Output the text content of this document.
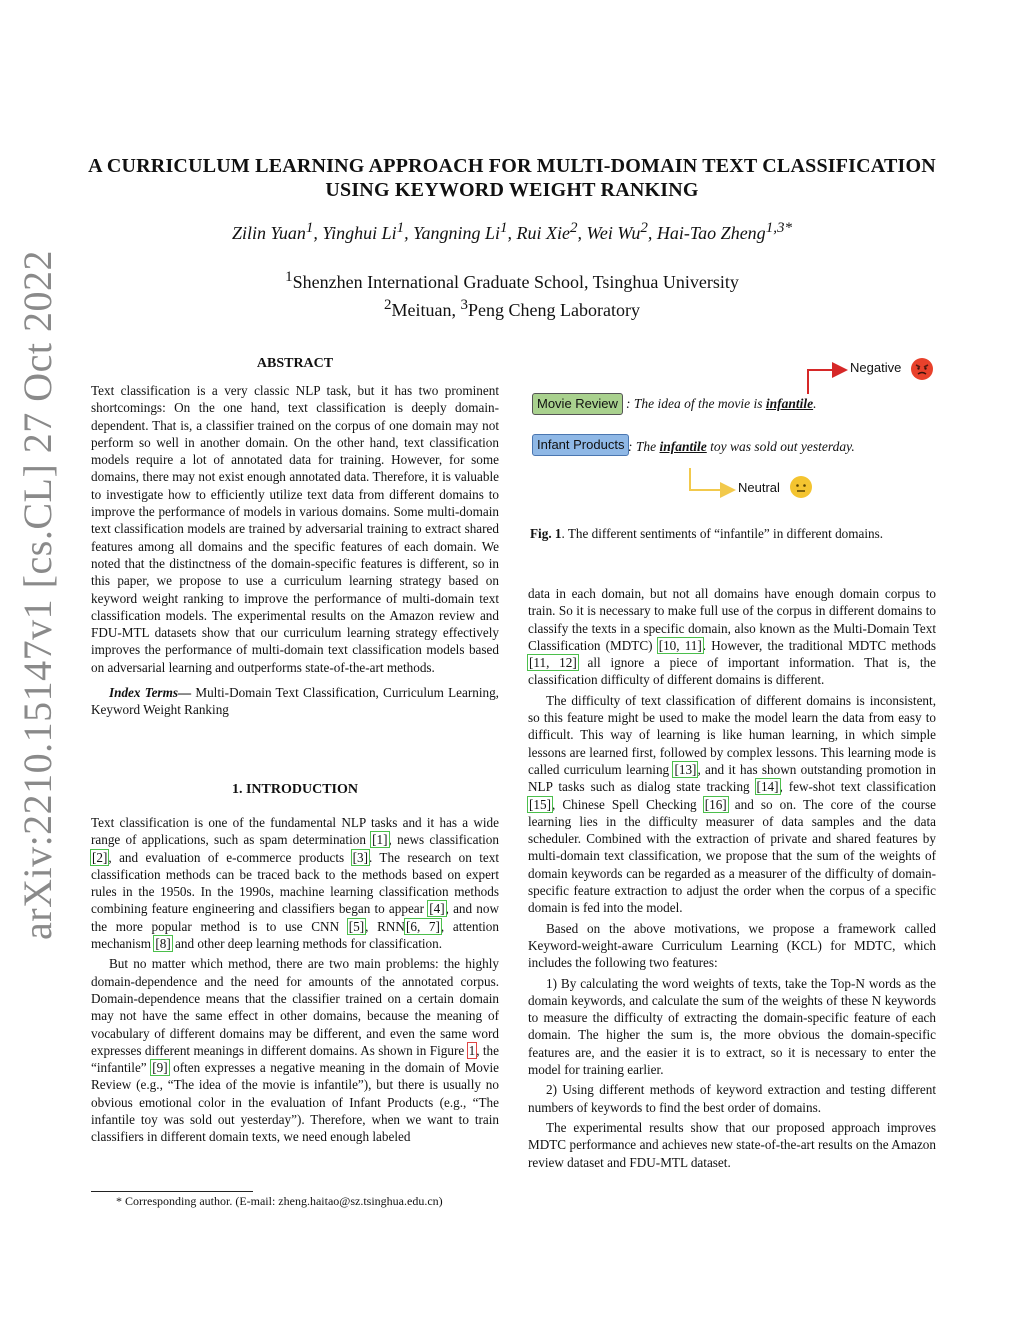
arXiv:2210.15147v1 [cs.CL] 27 Oct 2022
A CURRICULUM LEARNING APPROACH FOR MULTI-DOMAIN TEXT CLASSIFICATION
USING KEYWORD WEIGHT RANKING
Zilin Yuan$^1$, Yinghui Li$^1$, Yangning Li$^1$, Rui Xie$^2$, Wei Wu$^2$, Hai-Tao Zheng$^{1,3*}$
$^1$Shenzhen International Graduate School, Tsinghua University
$^2$Meituan, $^3$Peng Cheng Laboratory
ABSTRACT

Text classification is a very classic NLP task, but it has two prominent shortcomings: On the one hand, text classification is deeply domain-dependent. That is, a classifier trained on the corpus of one domain may not perform so well in another domain. On the other hand, text classification models require a lot of annotated data for training. However, for some domains, there may not exist enough annotated data. Therefore, it is valuable to investigate how to efficiently utilize text data from different domains to improve the performance of models in various domains. Some multi-domain text classification models are trained by adversarial training to extract shared features among all domains and the specific features of each domain. We noted that the distinctness of the domain-specific features is different, so in this paper, we propose to use a curriculum learning strategy based on keyword weight ranking to improve the performance of multi-domain text classification models. The experimental results on the Amazon review and FDU-MTL datasets show that our curriculum learning strategy effectively improves the performance of multi-domain text classification models based on adversarial learning and outperforms state-of-the-art methods.

Index Terms— Multi-Domain Text Classification, Curriculum Learning, Keyword Weight Ranking

1. INTRODUCTION

Text classification is one of the fundamental NLP tasks and it has a wide range of applications, such as spam determination [1], news classification [2], and evaluation of e-commerce products [3]. The research on text classification methods can be traced back to the methods based on expert rules in the 1950s. In the 1990s, machine learning classification methods combining feature engineering and classifiers began to appear [4], and now the more popular method is to use CNN [5], RNN[6, 7], attention mechanism [8] and other deep learning methods for classification.

But no matter which method, there are two main problems: the highly domain-dependence and the need for amounts of the annotated corpus. Domain-dependence means that the classifier trained on a certain domain may not have the same effect in other domains, because the meaning of vocabulary of different domains may be different, and even the same word expresses different meanings in different domains. As shown in Figure 1, the “infantile” [9] often expresses a negative meaning in the domain of Movie Review (e.g., “The idea of the movie is infantile”), but there is usually no obvious emotional color in the evaluation of Infant Products (e.g., “The infantile toy was sold out yesterday”). Therefore, when we want to train classifiers in different domain texts, we need enough labeled

* Corresponding author. (E-mail: zheng.haitao@sz.tsinghua.edu.cn)
Negative
Movie Review : The idea of the movie is infantile.
Infant Products : The infantile toy was sold out yesterday.
Neutral
Fig. 1. The different sentiments of “infantile” in different domains.

data in each domain, but not all domains have enough domain corpus to train. So it is necessary to make full use of the corpus in different domains to classify the texts in a specific domain, also known as the Multi-Domain Text Classification (MDTC) [10, 11]. However, the traditional MDTC methods [11, 12] all ignore a piece of important information. That is, the classification difficulty of different domains is different.

The difficulty of text classification of different domains is inconsistent, so this feature might be used to make the model learn the data from easy to difficult. This way of learning is like human learning, in which simple lessons are learned first, followed by complex lessons. This learning mode is called curriculum learning [13], and it has shown outstanding promotion in NLP tasks such as dialog state tracking [14], few-shot text classification [15], Chinese Spell Checking [16] and so on. The core of the course learning lies in the difficulty measurer of data samples and the data scheduler. Combined with the extraction of private and shared features by multi-domain text classification, we propose that the sum of the weights of domain keywords can be regarded as a measurer of the difficulty of domain-specific feature extraction to adjust the order when the corpus of a specific domain is fed into the model.

Based on the above motivations, we propose a framework called Keyword-weight-aware Curriculum Learning (KCL) for MDTC, which includes the following two features:

1) By calculating the word weights of texts, take the Top-N words as the domain keywords, and calculate the sum of the weights of these N keywords to measure the difficulty of extracting the domain-specific feature of each domain. The higher the sum is, the more obvious the domain-specific features are, and the easier it is to extract, so it is necessary to enter the model for training earlier.

2) Using different methods of keyword extraction and testing different numbers of keywords to find the best order of domains.

The experimental results show that our proposed approach improves MDTC performance and achieves new state-of-the-art results on the Amazon review dataset and FDU-MTL dataset.
